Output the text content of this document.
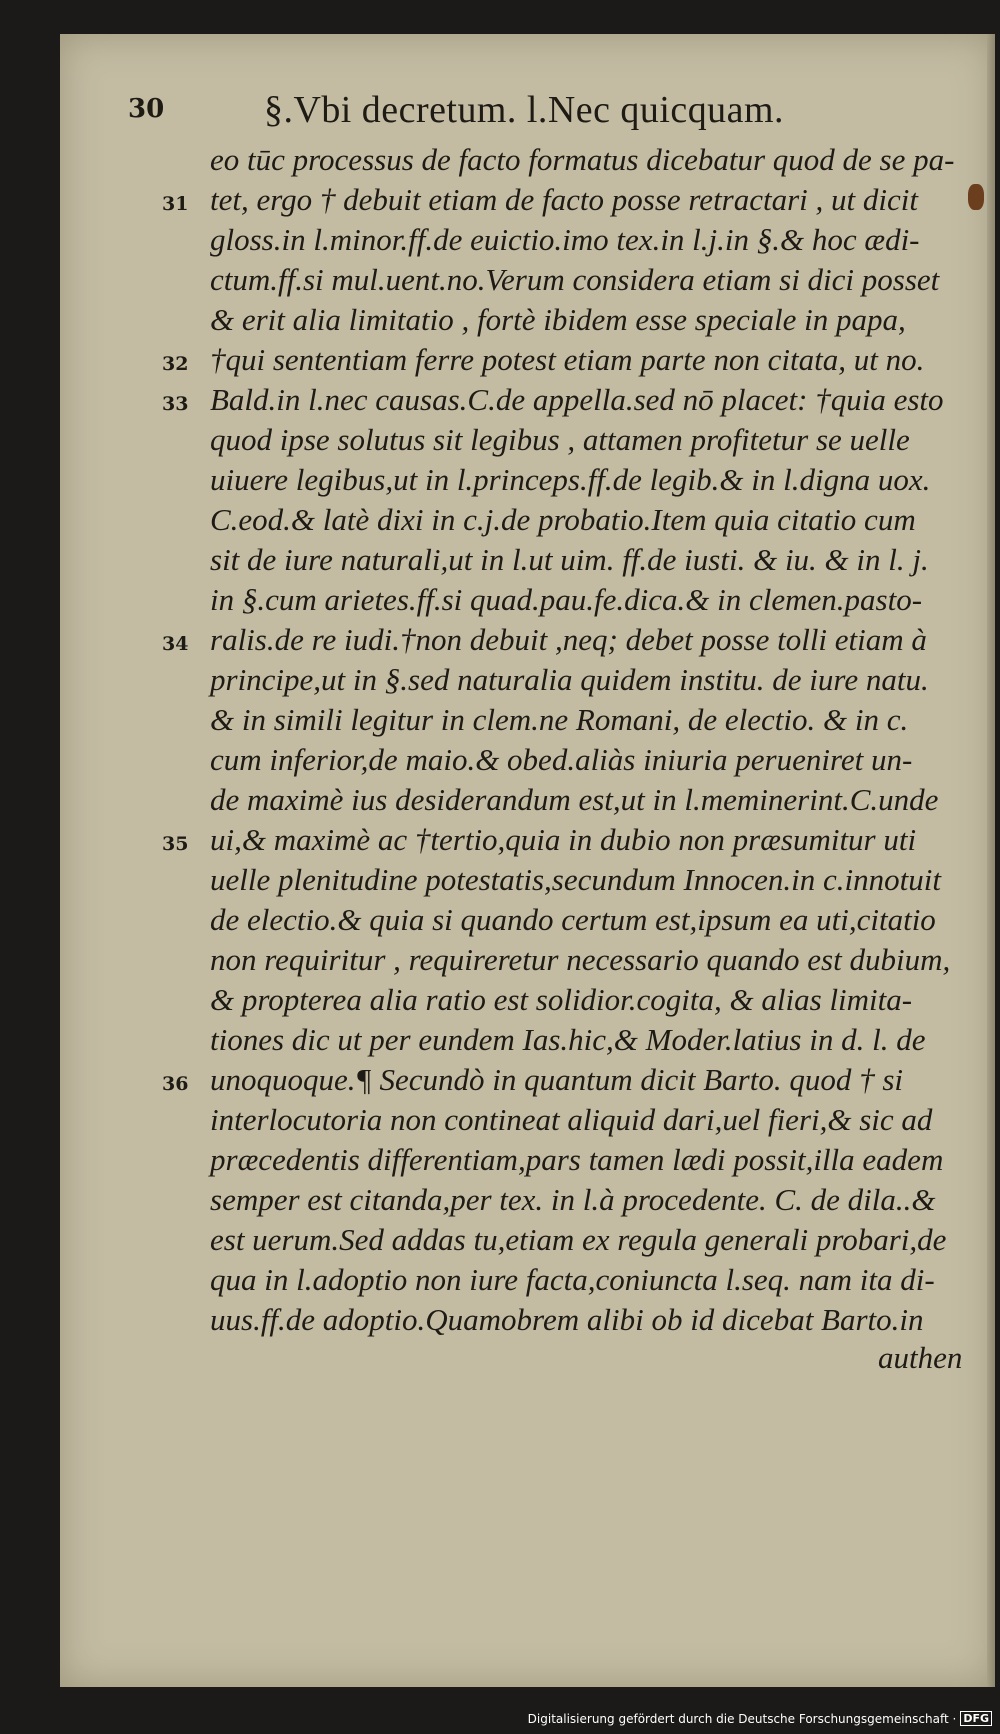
30	§.Vbi decretum. l.Nec quicquam.
eo tūc processus de facto formatus dicebatur quod de se pa-
31 tet, ergo † debuit etiam de facto posse retractari , ut dicit
gloss.in l.minor.ff.de euictio.imo tex.in l.j.in §.& hoc ædi-
ctum.ff.si mul.uent.no.Verum considera etiam si dici posset
& erit alia limitatio , fortè ibidem esse speciale in papa,
32 †qui sententiam ferre potest etiam parte non citata, ut no.
33 Bald.in l.nec causas.C.de appella.sed nō placet: †quia esto
quod ipse solutus sit legibus , attamen profitetur se uelle
uiuere legibus,ut in l.princeps.ff.de legib.& in l.digna uox.
C.eod.& latè dixi in c.j.de probatio.Item quia citatio cum
sit de iure naturali,ut in l.ut uim. ff.de iusti. & iu. & in l. j.
in §.cum arietes.ff.si quad.pau.fe.dica.& in clemen.pasto-
34 ralis.de re iudi.†non debuit ,neq; debet posse tolli etiam à
principe,ut in §.sed naturalia quidem institu. de iure natu.
& in simili legitur in clem.ne Romani, de electio. & in c.
cum inferior,de maio.& obed.aliàs iniuria perueniret un-
de maximè ius desiderandum est,ut in l.meminerint.C.unde
35 ui,& maximè ac †tertio,quia in dubio non præsumitur uti
uelle plenitudine potestatis,secundum Innocen.in c.innotuit
de electio.& quia si quando certum est,ipsum ea uti,citatio
non requiritur , requireretur necessario quando est dubium,
& propterea alia ratio est solidior.cogita, & alias limita-
tiones dic ut per eundem Ias.hic,& Moder.latius in d. l. de
36 unoquoque.¶ Secundò in quantum dicit Barto. quod † si
interlocutoria non contineat aliquid dari,uel fieri,& sic ad
præcedentis differentiam,pars tamen lædi possit,illa eadem
semper est citanda,per tex. in l.à procedente. C. de dila..&
est uerum.Sed addas tu,etiam ex regula generali probari,de
qua in l.adoptio non iure facta,coniuncta l.seq. nam ita di-
uus.ff.de adoptio.Quamobrem alibi ob id dicebat Barto.in
authen
Digitalisierung gefördert durch die Deutsche Forschungsgemeinschaft · DFG
